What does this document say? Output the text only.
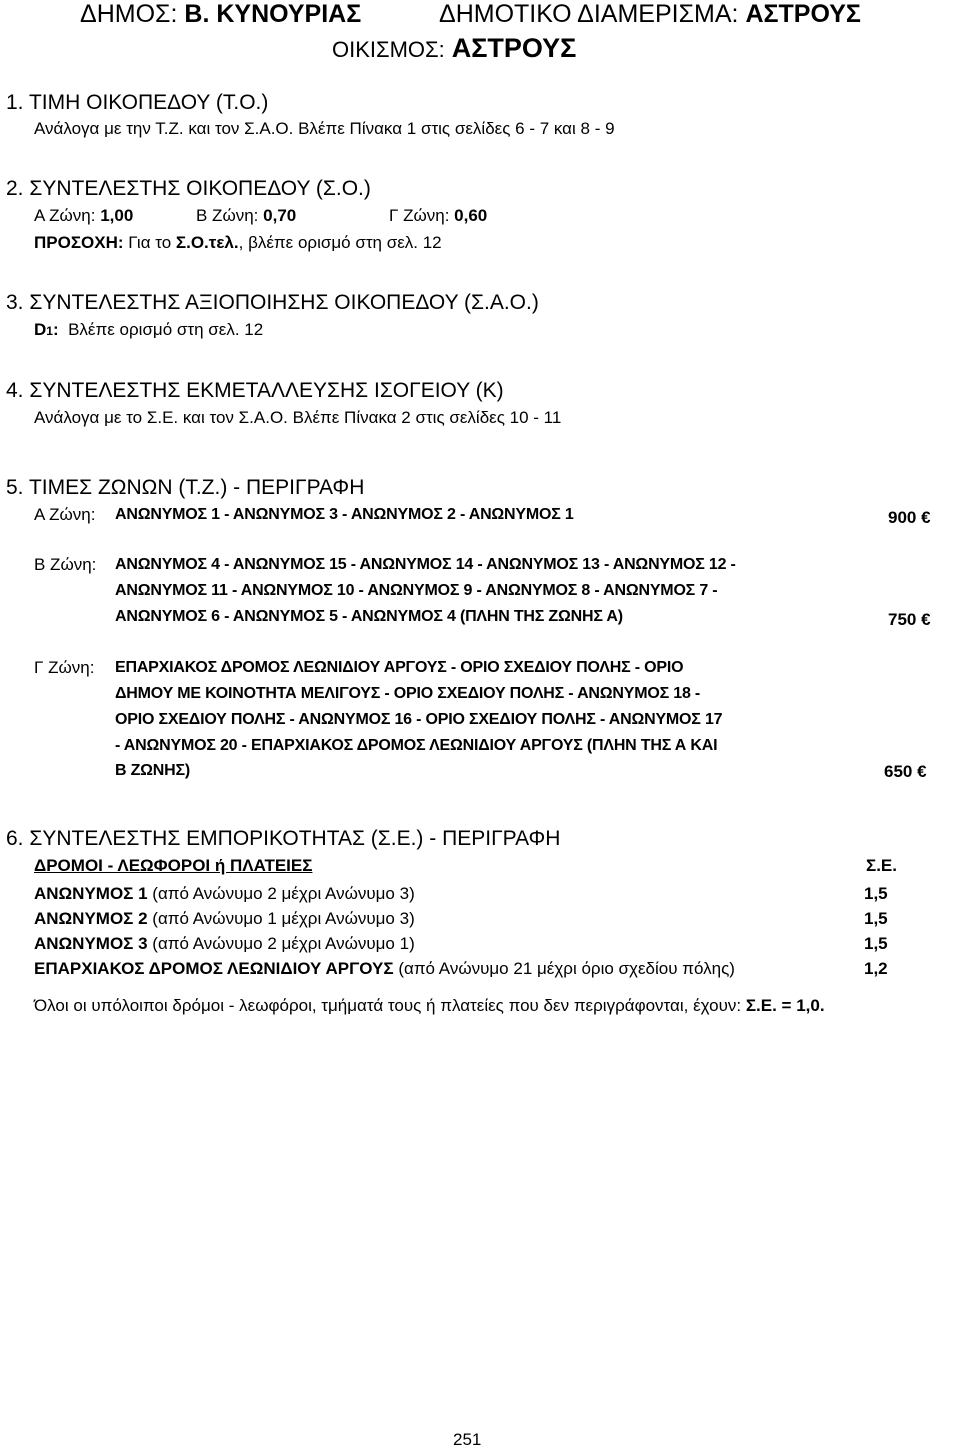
ΔΗΜΟΣ: Β. ΚΥΝΟΥΡΙΑΣ	ΔΗΜΟΤΙΚΟ ΔΙΑΜΕΡΙΣΜΑ: ΑΣΤΡΟΥΣ
ΟΙΚΙΣΜΟΣ: ΑΣΤΡΟΥΣ
1. ΤΙΜΗ ΟΙΚΟΠΕΔΟΥ (Τ.Ο.)
Ανάλογα με την Τ.Ζ. και τον Σ.Α.Ο. Βλέπε Πίνακα 1 στις σελίδες 6 - 7 και 8 - 9
2. ΣΥΝΤΕΛΕΣΤΗΣ ΟΙΚΟΠΕΔΟΥ (Σ.Ο.)
Α Ζώνη: 1,00	Β Ζώνη: 0,70	Γ Ζώνη: 0,60
ΠΡΟΣΟΧΗ: Για το Σ.Ο.τελ., βλέπε ορισμό στη σελ. 12
3. ΣΥΝΤΕΛΕΣΤΗΣ ΑΞΙΟΠΟΙΗΣΗΣ ΟΙΚΟΠΕΔΟΥ (Σ.Α.Ο.)
D1: Βλέπε ορισμό στη σελ. 12
4. ΣΥΝΤΕΛΕΣΤΗΣ ΕΚΜΕΤΑΛΛΕΥΣΗΣ ΙΣΟΓΕΙΟΥ (Κ)
Ανάλογα με το Σ.Ε. και τον Σ.Α.Ο. Βλέπε Πίνακα 2 στις σελίδες 10 - 11
5. ΤΙΜΕΣ ΖΩΝΩΝ (Τ.Ζ.) - ΠΕΡΙΓΡΑΦΗ
Α Ζώνη: ΑΝΩΝΥΜΟΣ 1 - ΑΝΩΝΥΜΟΣ 3 - ΑΝΩΝΥΜΟΣ 2 - ΑΝΩΝΥΜΟΣ 1	900 €
Β Ζώνη: ΑΝΩΝΥΜΟΣ 4 - ΑΝΩΝΥΜΟΣ 15 - ΑΝΩΝΥΜΟΣ 14 - ΑΝΩΝΥΜΟΣ 13 - ΑΝΩΝΥΜΟΣ 12 -
ΑΝΩΝΥΜΟΣ 11 - ΑΝΩΝΥΜΟΣ 10 - ΑΝΩΝΥΜΟΣ 9 - ΑΝΩΝΥΜΟΣ 8 - ΑΝΩΝΥΜΟΣ 7 -
ΑΝΩΝΥΜΟΣ 6 - ΑΝΩΝΥΜΟΣ 5 - ΑΝΩΝΥΜΟΣ 4 (ΠΛΗΝ ΤΗΣ ΖΩΝΗΣ Α)	750 €
Γ Ζώνη: ΕΠΑΡΧΙΑΚΟΣ ΔΡΟΜΟΣ ΛΕΩΝΙΔΙΟΥ ΑΡΓΟΥΣ - ΟΡΙΟ ΣΧΕΔΙΟΥ ΠΟΛΗΣ - ΟΡΙΟ
ΔΗΜΟΥ ΜΕ ΚΟΙΝΟΤΗΤΑ ΜΕΛΙΓΟΥΣ - ΟΡΙΟ ΣΧΕΔΙΟΥ ΠΟΛΗΣ - ΑΝΩΝΥΜΟΣ 18 -
ΟΡΙΟ ΣΧΕΔΙΟΥ ΠΟΛΗΣ - ΑΝΩΝΥΜΟΣ 16 - ΟΡΙΟ ΣΧΕΔΙΟΥ ΠΟΛΗΣ - ΑΝΩΝΥΜΟΣ 17
- ΑΝΩΝΥΜΟΣ 20 - ΕΠΑΡΧΙΑΚΟΣ ΔΡΟΜΟΣ ΛΕΩΝΙΔΙΟΥ ΑΡΓΟΥΣ (ΠΛΗΝ ΤΗΣ Α ΚΑΙ
Β ΖΩΝΗΣ)	650 €
6. ΣΥΝΤΕΛΕΣΤΗΣ ΕΜΠΟΡΙΚΟΤΗΤΑΣ (Σ.Ε.) - ΠΕΡΙΓΡΑΦΗ
ΔΡΟΜΟΙ - ΛΕΩΦΟΡΟΙ ή ΠΛΑΤΕΙΕΣ	Σ.Ε.
ΑΝΩΝΥΜΟΣ 1 (από Ανώνυμο 2 μέχρι Ανώνυμο 3)	1,5
ΑΝΩΝΥΜΟΣ 2 (από Ανώνυμο 1 μέχρι Ανώνυμο 3)	1,5
ΑΝΩΝΥΜΟΣ 3 (από Ανώνυμο 2 μέχρι Ανώνυμο 1)	1,5
ΕΠΑΡΧΙΑΚΟΣ ΔΡΟΜΟΣ ΛΕΩΝΙΔΙΟΥ ΑΡΓΟΥΣ (από Ανώνυμο 21 μέχρι όριο σχεδίου πόλης)	1,2
Όλοι οι υπόλοιποι δρόμοι - λεωφόροι, τμήματά τους ή πλατείες που δεν περιγράφονται, έχουν: Σ.Ε. = 1,0.
251
